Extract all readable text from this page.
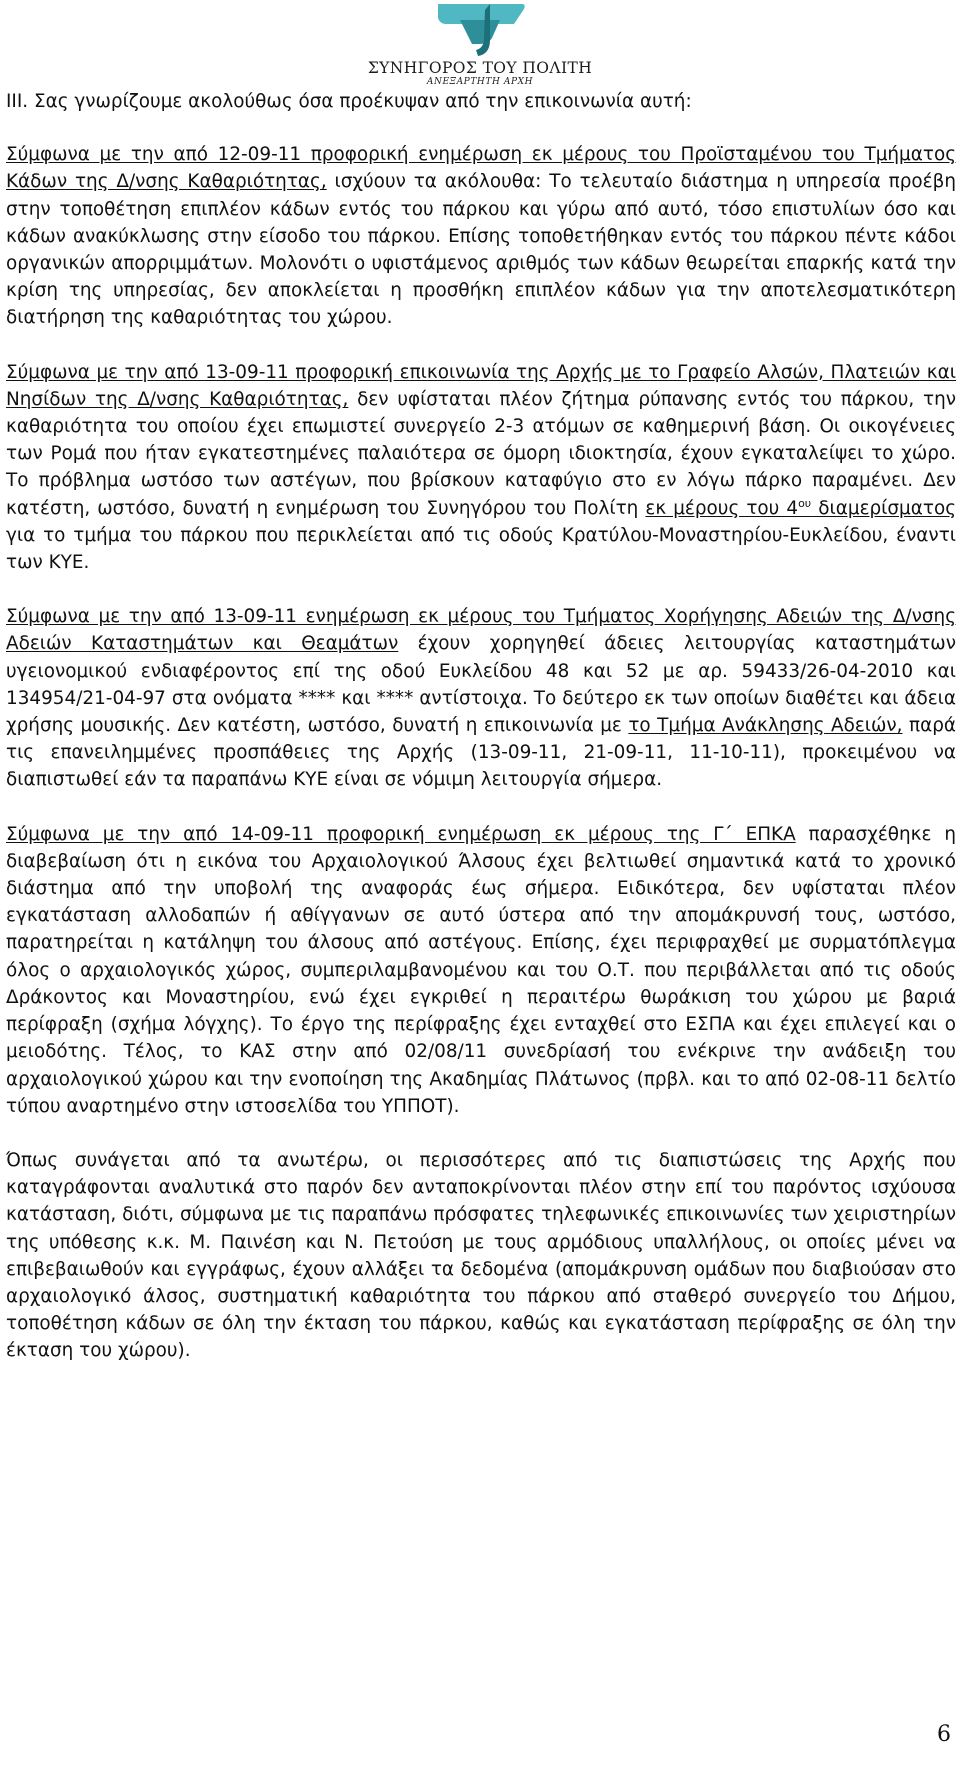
ΣΥΝΗΓΟΡΟΣ ΤΟΥ ΠΟΛΙΤΗ
ΑΝΕΞΑΡΤΗΤΗ ΑΡΧΗ

III. Σας γνωρίζουμε ακολούθως όσα προέκυψαν από την επικοινωνία αυτή:

Σύμφωνα με την από 12-09-11 προφορική ενημέρωση εκ μέρους του Προϊσταμένου του Τμήματος Κάδων της Δ/νσης Καθαριότητας, ισχύουν τα ακόλουθα: Το τελευταίο διάστημα η υπηρεσία προέβη στην τοποθέτηση επιπλέον κάδων εντός του πάρκου και γύρω από αυτό, τόσο επιστυλίων όσο και κάδων ανακύκλωσης στην είσοδο του πάρκου. Επίσης τοποθετήθηκαν εντός του πάρκου πέντε κάδοι οργανικών απορριμμάτων. Μολονότι ο υφιστάμενος αριθμός των κάδων θεωρείται επαρκής κατά την κρίση της υπηρεσίας, δεν αποκλείεται η προσθήκη επιπλέον κάδων για την αποτελεσματικότερη διατήρηση της καθαριότητας του χώρου.

Σύμφωνα με την από 13-09-11 προφορική επικοινωνία της Αρχής με το Γραφείο Αλσών, Πλατειών και Νησίδων της Δ/νσης Καθαριότητας, δεν υφίσταται πλέον ζήτημα ρύπανσης εντός του πάρκου, την καθαριότητα του οποίου έχει επωμιστεί συνεργείο 2-3 ατόμων σε καθημερινή βάση. Οι οικογένειες των Ρομά που ήταν εγκατεστημένες παλαιότερα σε όμορη ιδιοκτησία, έχουν εγκαταλείψει το χώρο. Το πρόβλημα ωστόσο των αστέγων, που βρίσκουν καταφύγιο στο εν λόγω πάρκο παραμένει. Δεν κατέστη, ωστόσο, δυνατή η ενημέρωση του Συνηγόρου του Πολίτη εκ μέρους του $4^{o\upsilon}$ διαμερίσματος για το τμήμα του πάρκου που περικλείεται από τις οδούς Κρατύλου-Μοναστηρίου-Ευκλείδου, έναντι των ΚΥΕ.

Σύμφωνα με την από 13-09-11 ενημέρωση εκ μέρους του Τμήματος Χορήγησης Αδειών της Δ/νσης Αδειών Καταστημάτων και Θεαμάτων έχουν χορηγηθεί άδειες λειτουργίας καταστημάτων υγειονομικού ενδιαφέροντος επί της οδού Ευκλείδου 48 και 52 με αρ. 59433/26-04-2010 και 134954/21-04-97 στα ονόματα **** και **** αντίστοιχα. Το δεύτερο εκ των οποίων διαθέτει και άδεια χρήσης μουσικής. Δεν κατέστη, ωστόσο, δυνατή η επικοινωνία με το Τμήμα Ανάκλησης Αδειών, παρά τις επανειλημμένες προσπάθειες της Αρχής (13-09-11, 21-09-11, 11-10-11), προκειμένου να διαπιστωθεί εάν τα παραπάνω ΚΥΕ είναι σε νόμιμη λειτουργία σήμερα.

Σύμφωνα με την από 14-09-11 προφορική ενημέρωση εκ μέρους της Γ΄ ΕΠΚΑ παρασχέθηκε η διαβεβαίωση ότι η εικόνα του Αρχαιολογικού Άλσους έχει βελτιωθεί σημαντικά κατά το χρονικό διάστημα από την υποβολή της αναφοράς έως σήμερα. Ειδικότερα, δεν υφίσταται πλέον εγκατάσταση αλλοδαπών ή αθίγγανων σε αυτό ύστερα από την απομάκρυνσή τους, ωστόσο, παρατηρείται η κατάληψη του άλσους από αστέγους. Επίσης, έχει περιφραχθεί με συρματόπλεγμα όλος ο αρχαιολογικός χώρος, συμπεριλαμβανομένου και του Ο.Τ. που περιβάλλεται από τις οδούς Δράκοντος και Μοναστηρίου, ενώ έχει εγκριθεί η περαιτέρω θωράκιση του χώρου με βαριά περίφραξη (σχήμα λόγχης). Το έργο της περίφραξης έχει ενταχθεί στο ΕΣΠΑ και έχει επιλεγεί και ο μειοδότης. Τέλος, το ΚΑΣ στην από 02/08/11 συνεδρίασή του ενέκρινε την ανάδειξη του αρχαιολογικού χώρου και την ενοποίηση της Ακαδημίας Πλάτωνος (πρβλ. και το από 02-08-11 δελτίο τύπου αναρτημένο στην ιστοσελίδα του ΥΠΠΟΤ).

Όπως συνάγεται από τα ανωτέρω, οι περισσότερες από τις διαπιστώσεις της Αρχής που καταγράφονται αναλυτικά στο παρόν δεν ανταποκρίνονται πλέον στην επί του παρόντος ισχύουσα κατάσταση, διότι, σύμφωνα με τις παραπάνω πρόσφατες τηλεφωνικές επικοινωνίες των χειριστηρίων της υπόθεσης κ.κ. Μ. Παινέση και Ν. Πετούση με τους αρμόδιους υπαλλήλους, οι οποίες μένει να επιβεβαιωθούν και εγγράφως, έχουν αλλάξει τα δεδομένα (απομάκρυνση ομάδων που διαβιούσαν στο αρχαιολογικό άλσος, συστηματική καθαριότητα του πάρκου από σταθερό συνεργείο του Δήμου, τοποθέτηση κάδων σε όλη την έκταση του πάρκου, καθώς και εγκατάσταση περίφραξης σε όλη την έκταση του χώρου).

6
